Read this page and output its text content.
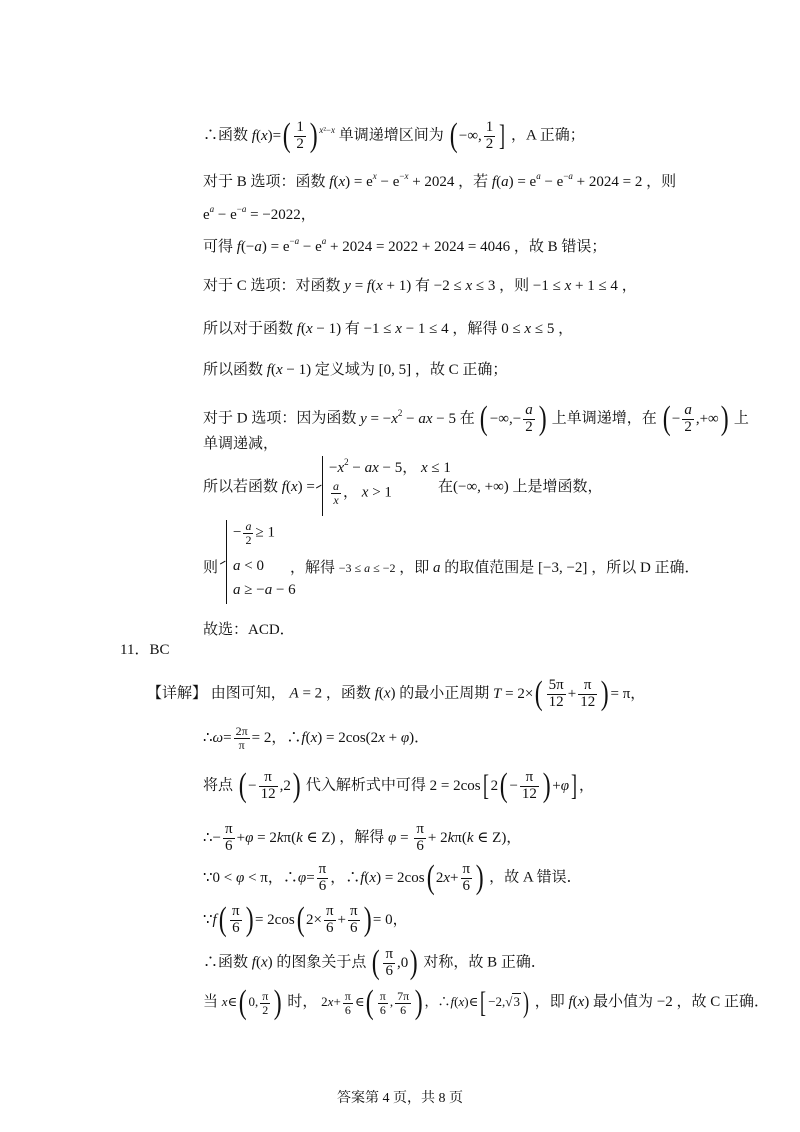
∴函数 $f(x)=( \frac{1}{2}$ ) $^{x^2-x}$ 单调递增区间为 ( −∞, $\frac{1}{2}$ ] ，A 正确；
对于 B 选项：函数 $f(x) = e^x - e^{-x} + 2024$ ，若 $f(a) = e^a - e^{-a} + 2024 = 2$ ，则
$e^a - e^{-a} = -2022$，
可得 $f(-a) = e^{-a} - e^a + 2024 = 2022 + 2024 = 4046$ ，故 B 错误；
对于 C 选项：对函数 y = f(x + 1) 有 −2 ≤ x ≤ 3 ，则 −1 ≤ x + 1 ≤ 4 ，
所以对于函数 f(x − 1) 有 −1 ≤ x − 1 ≤ 4 ，解得 0 ≤ x ≤ 5 ，
所以函数 f(x − 1) 定义域为 [0, 5] ，故 C 正确；
对于 D 选项：因为函数 $y = -x^2$ − ax − 5 在 ( −∞,− $\frac{a}{2}$ ) 上单调递增，在 ( − $\frac{a}{2}$ ,+∞) 上
单调递减，
所以若函数 f(x) =
$-x^2$ − ax − 5， x ≤ 1
$\frac{a}{x}$ ， x > 1	在(−∞, +∞) 上是增函数，
则
− $\frac{a}{2} \ge 1$
a < 0
a ≥ −a − 6
，解得 −3 ≤ a ≤ −2 ，即 a 的取值范围是 [−3, −2] ，所以 D 正确．
故选：ACD．
11．BC
【详解】 由图可知， A = 2 ，函数 f(x) 的最小正周期 $T = 2\times( \frac{5\pi}{12} + \frac{\pi}{12}$ ) = π，
∴ω= $\frac{2\pi}{\pi} = 2$，∴f(x) = 2cos(2x + φ)．
将点 ( − $\frac{\pi}{12} ,2$) 代入解析式中可得 2 = 2cos[ $2( - \frac{\pi}{12}$ ) +φ] ，
∴− $\frac{\pi}{6} +\varphi = 2k\pi(k$ ∈ Z) ，解得 $\varphi = \frac{\pi}{6} + 2k\pi(k$ ∈ Z)，
∵0 < φ < π，∴φ= $\frac{\pi}{6}$ ，∴f(x) = 2cos( $2x+ \frac{\pi}{6}$ ) ，故 A 错误．
∵f( $\frac{\pi}{6}$ ) = 2cos( $2\times \frac{\pi}{6} + \frac{\pi}{6}$ ) = 0，
∴函数 f(x) 的图象关于点 ( $\frac{\pi}{6} ,0$) 对称，故 B 正确．
当 x∈( 0, $\frac{\pi}{2}$ ) 时， $2x+ \frac{\pi}{6}$ ∈( $\frac{\pi}{6}$ , $\frac{7\pi}{6}$ ) ，∴f(x)∈[ −2,√3 ) ，即 f(x) 最小值为 −2 ，故 C 正确．
答案第 4 页，共 8 页
